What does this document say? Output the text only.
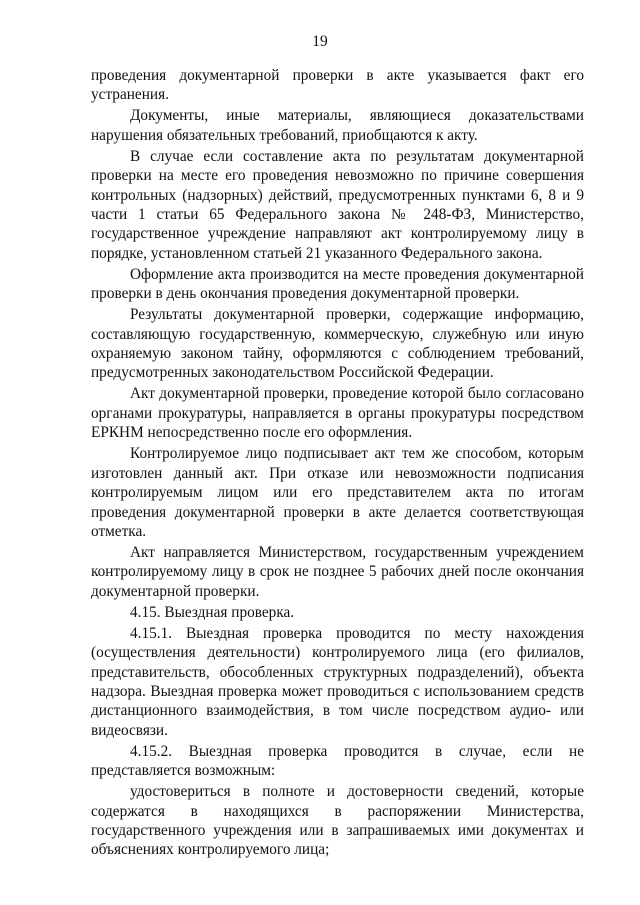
19

проведения документарной проверки в акте указывается факт его устранения.

Документы, иные материалы, являющиеся доказательствами нарушения обязательных требований, приобщаются к акту.

В случае если составление акта по результатам документарной проверки на месте его проведения невозможно по причине совершения контрольных (надзорных) действий, предусмотренных пунктами 6, 8 и 9 части 1 статьи 65 Федерального закона № 248-ФЗ, Министерство, государственное учреждение направляют акт контролируемому лицу в порядке, установленном статьей 21 указанного Федерального закона.

Оформление акта производится на месте проведения документарной проверки в день окончания проведения документарной проверки.

Результаты документарной проверки, содержащие информацию, составляющую государственную, коммерческую, служебную или иную охраняемую законом тайну, оформляются с соблюдением требований, предусмотренных законодательством Российской Федерации.

Акт документарной проверки, проведение которой было согласовано органами прокуратуры, направляется в органы прокуратуры посредством ЕРКНМ непосредственно после его оформления.

Контролируемое лицо подписывает акт тем же способом, которым изготовлен данный акт. При отказе или невозможности подписания контролируемым лицом или его представителем акта по итогам проведения документарной проверки в акте делается соответствующая отметка.

Акт направляется Министерством, государственным учреждением контролируемому лицу в срок не позднее 5 рабочих дней после окончания документарной проверки.

4.15. Выездная проверка.

4.15.1. Выездная проверка проводится по месту нахождения (осуществления деятельности) контролируемого лица (его филиалов, представительств, обособленных структурных подразделений), объекта надзора. Выездная проверка может проводиться с использованием средств дистанционного взаимодействия, в том числе посредством аудио- или видеосвязи.

4.15.2. Выездная проверка проводится в случае, если не представляется возможным:

удостовериться в полноте и достоверности сведений, которые содержатся в находящихся в распоряжении Министерства, государственного учреждения или в запрашиваемых ими документах и объяснениях контролируемого лица;
